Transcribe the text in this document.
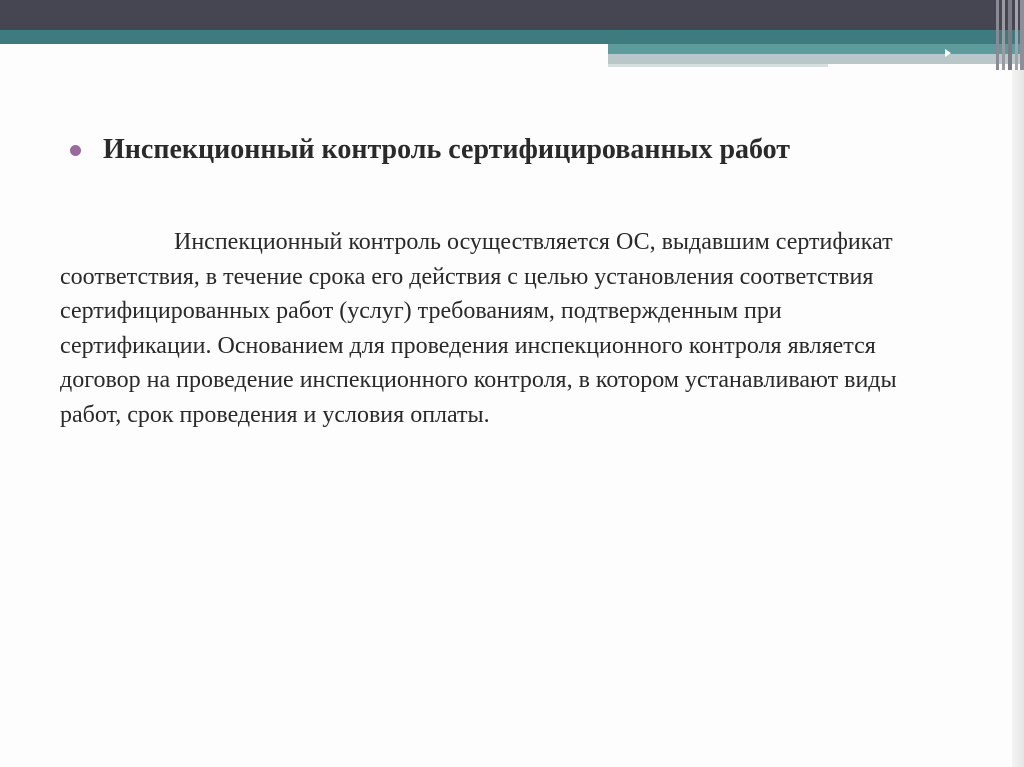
Инспекционный контроль сертифицированных работ

Инспекционный контроль осуществляется ОС, выдавшим сертификат соответствия, в течение срока его действия с целью установления соответствия сертифицированных работ (услуг) требованиям, подтвержденным при сертификации. Основанием для проведения инспекционного контроля является договор на проведение инспекционного контроля, в котором устанавливают виды работ, срок проведения и условия оплаты.
